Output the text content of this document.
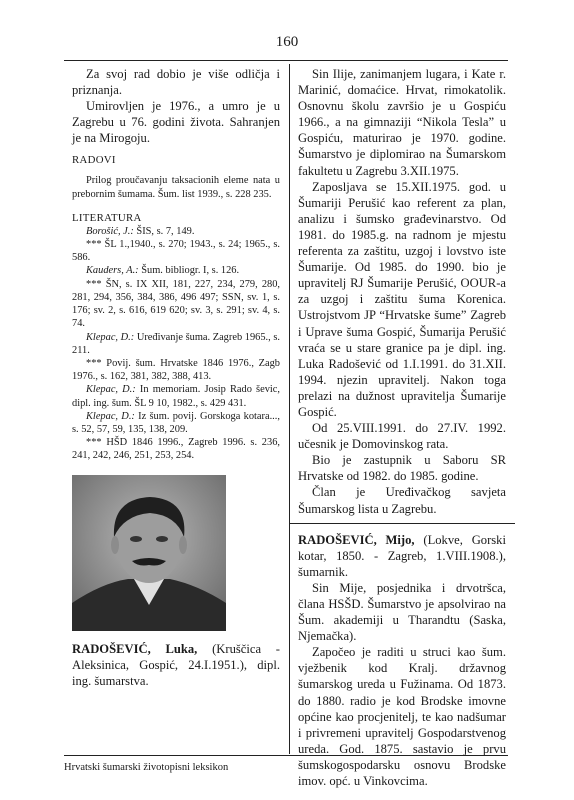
160

Za svoj rad dobio je više odličja i priznanja.

Umirovljen je 1976., a umro je u Zagrebu u 76. godini života. Sahranjen je na Mirogoju.

RADOVI

Prilog proučavanju taksacionih eleme nata u prebornim šumama. Šum. list 1939., s. 228 235.

LITERATURA

Borošić, J.: ŠIS, s. 7, 149.

*** ŠL 1.,1940., s. 270; 1943., s. 24; 1965., s. 586.

Kauders, A.: Šum. bibliogr. I, s. 126.

*** ŠN, s. IX XII, 181, 227, 234, 279, 280, 281, 294, 356, 384, 386, 496 497; SSN, sv. 1, s. 176; sv. 2, s. 616, 619 620; sv. 3, s. 291; sv. 4, s. 74.

Klepac, D.: Uređivanje šuma. Zagreb 1965., s. 211.

*** Povij. šum. Hrvatske 1846 1976., Zagb 1976., s. 162, 381, 382, 388, 413.

Klepac, D.: In memoriam. Josip Rado ševic, dipl. ing. šum. ŠL 9 10, 1982., s. 429 431.

Klepac, D.: Iz šum. povij. Gorskoga kotara..., s. 52, 57, 59, 135, 138, 209.

*** HŠD 1846 1996., Zagreb 1996. s. 236, 241, 242, 246, 251, 253, 254.

RADOŠEVIĆ, Luka, (Kruščica - Aleksinica, Gospić, 24.I.1951.), dipl. ing. šumarstva.

Sin Ilije, zanimanjem lugara, i Kate r. Marinić, domaćice. Hrvat, rimokatolik. Osnovnu školu završio je u Gospiću 1966., a na gimnaziji “Nikola Tesla” u Gospiću, maturirao je 1970. godine. Šumarstvo je diplomirao na Šumarskom fakultetu u Zagrebu 3.XII.1975.

Zaposljava se 15.XII.1975. god. u Šumariji Perušić kao referent za plan, analizu i šumsko građevinarstvo. Od 1981. do 1985.g. na radnom je mjestu referenta za zaštitu, uzgoj i lovstvo iste Šumarije. Od 1985. do 1990. bio je upravitelj RJ Šumarije Perušić, OOUR-a za uzgoj i zaštitu šuma Korenica. Ustrojstvom JP “Hrvatske šume” Zagreb i Uprave šuma Gospić, Šumarija Perušić vraća se u stare granice pa je dipl. ing. Luka Radošević od 1.I.1991. do 31.XII. 1994. njezin upravitelj. Nakon toga prelazi na dužnost upravitelja Šumarije Gospić.

Od 25.VIII.1991. do 27.IV. 1992. učesnik je Domovinskog rata.

Bio je zastupnik u Saboru SR Hrvatske od 1982. do 1985. godine.

Član je Uređivačkog savjeta Šumarskog lista u Zagrebu.

RADOŠEVIĆ, Mijo, (Lokve, Gorski kotar, 1850. - Zagreb, 1.VIII.1908.), šumarnik.

Sin Mije, posjednika i drvotršca, člana HSŠD. Šumarstvo je apsolvirao na Šum. akademiji u Tharandtu (Saska, Njemačka).

Započeo je raditi u struci kao šum. vježbenik kod Kralj. državnog šumarskog ureda u Fužinama. Od 1873. do 1880. radio je kod Brodske imovne općine kao procjenitelj, te kao nadšumar i privremeni upravitelj Gospodarstvenog ureda. God. 1875. sastavio je prvu šumskogospodarsku osnovu Brodske imov. opć. u Vinkovcima.

Hrvatski šumarski životopisni leksikon
